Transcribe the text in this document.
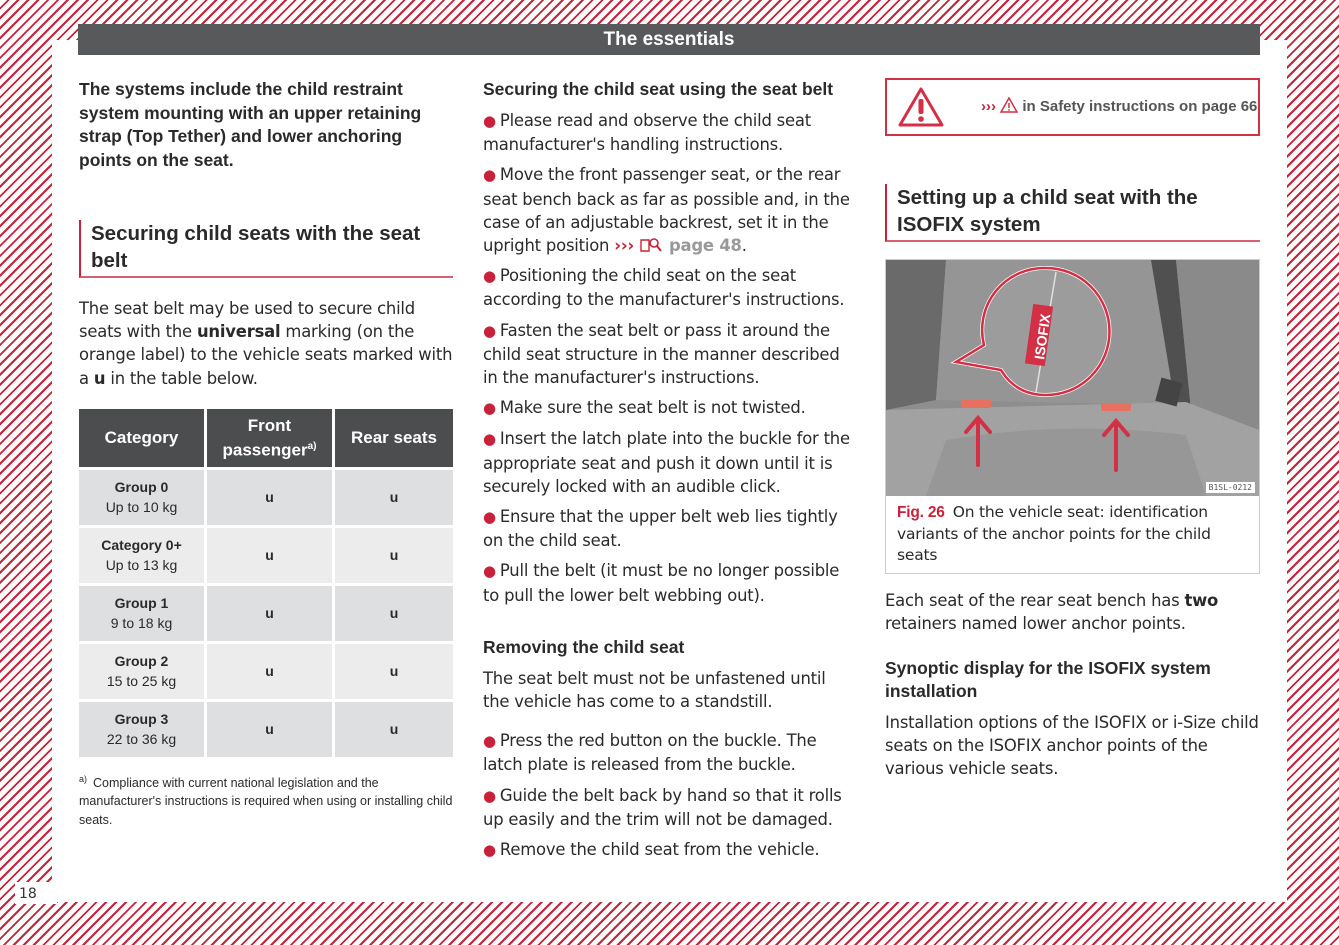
The essentials
18

The systems include the child restraint system mounting with an upper retaining strap (Top Tether) and lower anchoring points on the seat.

Securing child seats with the seat belt

The seat belt may be used to secure child seats with the universal marking (on the orange label) to the vehicle seats marked with a u in the table below.

Category	Front passenger$^{a)}$	Rear seats

Group 0
Up to 10 kg	u	u

Category 0+
Up to 13 kg	u	u

Group 1
9 to 18 kg	u	u

Group 2
15 to 25 kg	u	u

Group 3
22 to 36 kg	u	u
$^{a)}$ Compliance with current national legislation and the manufacturer's instructions is required when using or installing child seats.
Securing the child seat using the seat belt

● Please read and observe the child seat manufacturer's handling instructions.

● Move the front passenger seat, or the rear seat bench back as far as possible and, in the case of an adjustable backrest, set it in the upright position ››› page 48.

● Positioning the child seat on the seat according to the manufacturer's instructions.

● Fasten the seat belt or pass it around the child seat structure in the manner described in the manufacturer's instructions.

● Make sure the seat belt is not twisted.

● Insert the latch plate into the buckle for the appropriate seat and push it down until it is securely locked with an audible click.

● Ensure that the upper belt web lies tightly on the child seat.

● Pull the belt (it must be no longer possible to pull the lower belt webbing out).

Removing the child seat

The seat belt must not be unfastened until the vehicle has come to a standstill.

● Press the red button on the buckle. The latch plate is released from the buckle.

● Guide the belt back by hand so that it rolls up easily and the trim will not be damaged.

● Remove the child seat from the vehicle.

››› in Safety instructions on page 66
Setting up a child seat with the ISOFIX system
ISOFIX
B1SL-0212
Fig. 26 On the vehicle seat: identification variants of the anchor points for the child seats

Each seat of the rear seat bench has two retainers named lower anchor points.

Synoptic display for the ISOFIX system installation

Installation options of the ISOFIX or i-Size child seats on the ISOFIX anchor points of the various vehicle seats.
